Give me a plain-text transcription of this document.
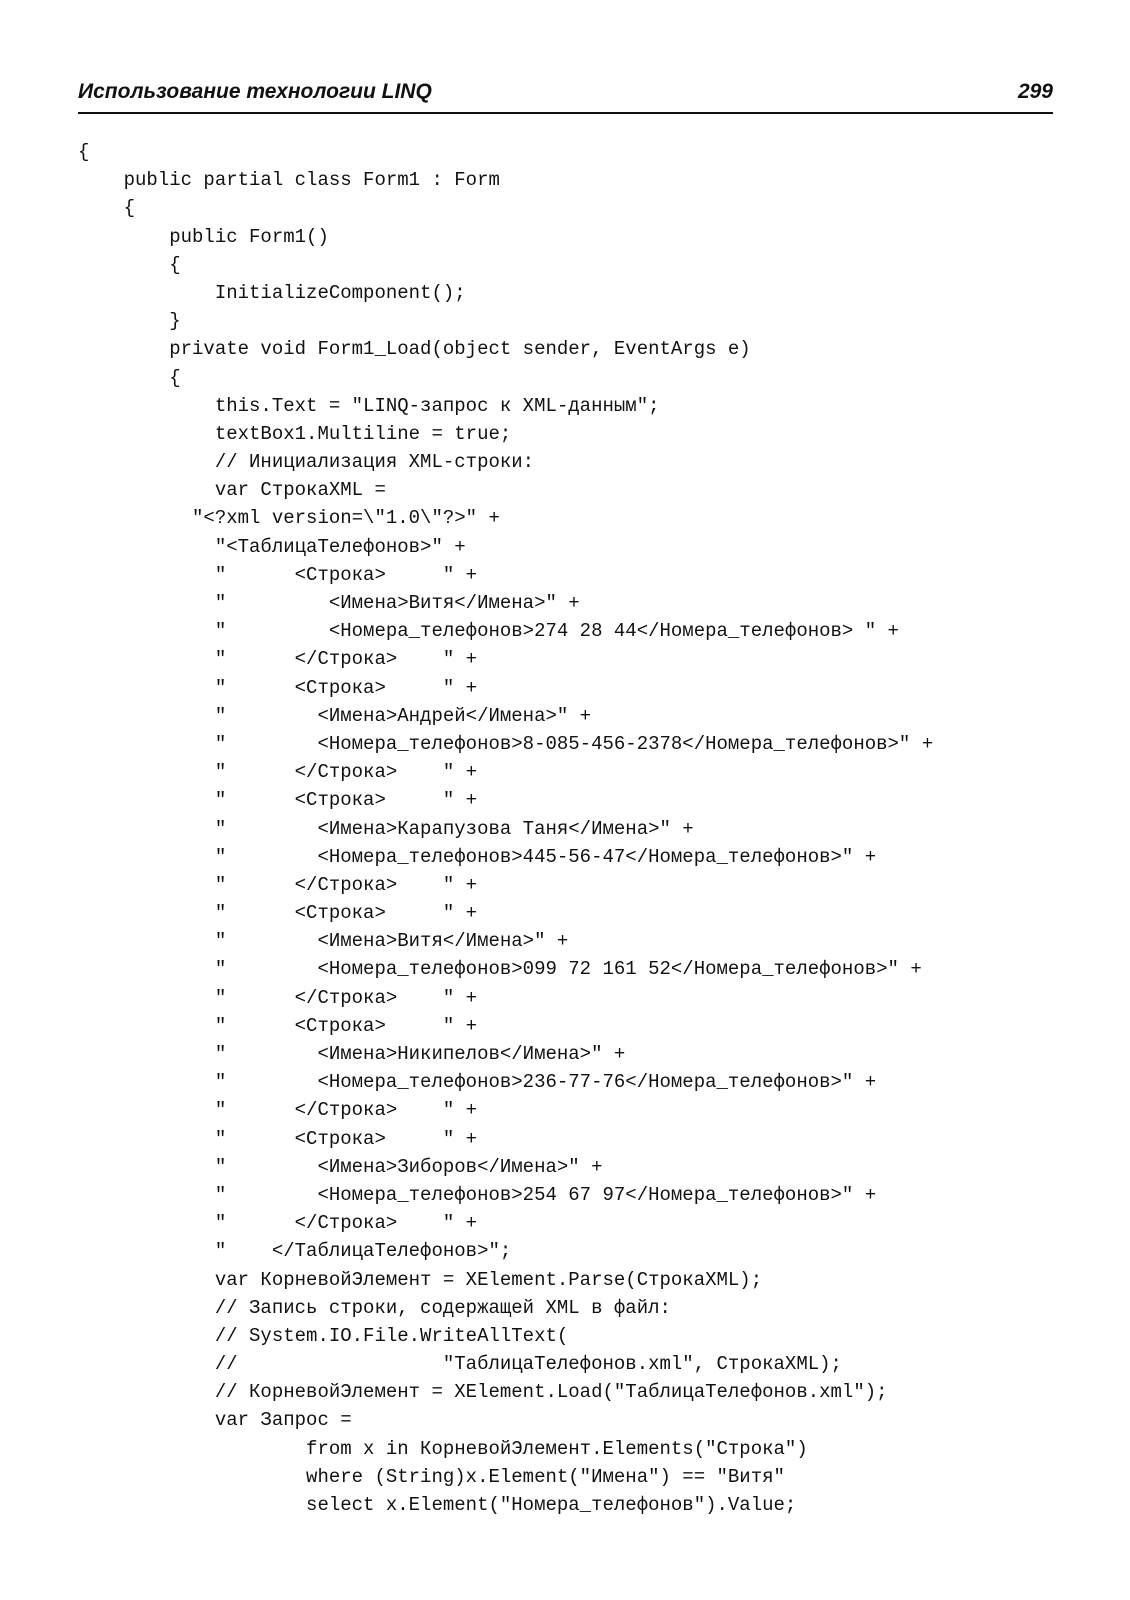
Использование технологии LINQ	299
{
public partial class Form1 : Form
{
public Form1()
{
InitializeComponent();
}
private void Form1_Load(object sender, EventArgs e)
{
this.Text = "LINQ-запрос к XML-данным";
textBox1.Multiline = true;
// Инициализация XML-строки:
var СтрокаXML =
"<?xml version=\"1.0\"?>" +
"<ТаблицаТелефонов>" +
"      <Строка>     " +
"         <Имена>Витя</Имена>" +
"         <Номера_телефонов>274 28 44</Номера_телефонов> " +
"      </Строка>    " +
"      <Строка>     " +
"        <Имена>Андрей</Имена>" +
"        <Номера_телефонов>8-085-456-2378</Номера_телефонов>" +
"      </Строка>    " +
"      <Строка>     " +
"        <Имена>Карапузова Таня</Имена>" +
"        <Номера_телефонов>445-56-47</Номера_телефонов>" +
"      </Строка>    " +
"      <Строка>     " +
"        <Имена>Витя</Имена>" +
"        <Номера_телефонов>099 72 161 52</Номера_телефонов>" +
"      </Строка>    " +
"      <Строка>     " +
"        <Имена>Никипелов</Имена>" +
"        <Номера_телефонов>236-77-76</Номера_телефонов>" +
"      </Строка>    " +
"      <Строка>     " +
"        <Имена>Зиборов</Имена>" +
"        <Номера_телефонов>254 67 97</Номера_телефонов>" +
"      </Строка>    " +
"    </ТаблицаТелефонов>";
var КорневойЭлемент = XElement.Parse(СтрокаXML);
// Запись строки, содержащей XML в файл:
// System.IO.File.WriteAllText(
//                  "ТаблицаТелефонов.xml", СтрокаXML);
// КорневойЭлемент = XElement.Load("ТаблицаТелефонов.xml");
var Запрос =
from x in КорневойЭлемент.Elements("Строка")
where (String)x.Element("Имена") == "Витя"
select x.Element("Номера_телефонов").Value;
